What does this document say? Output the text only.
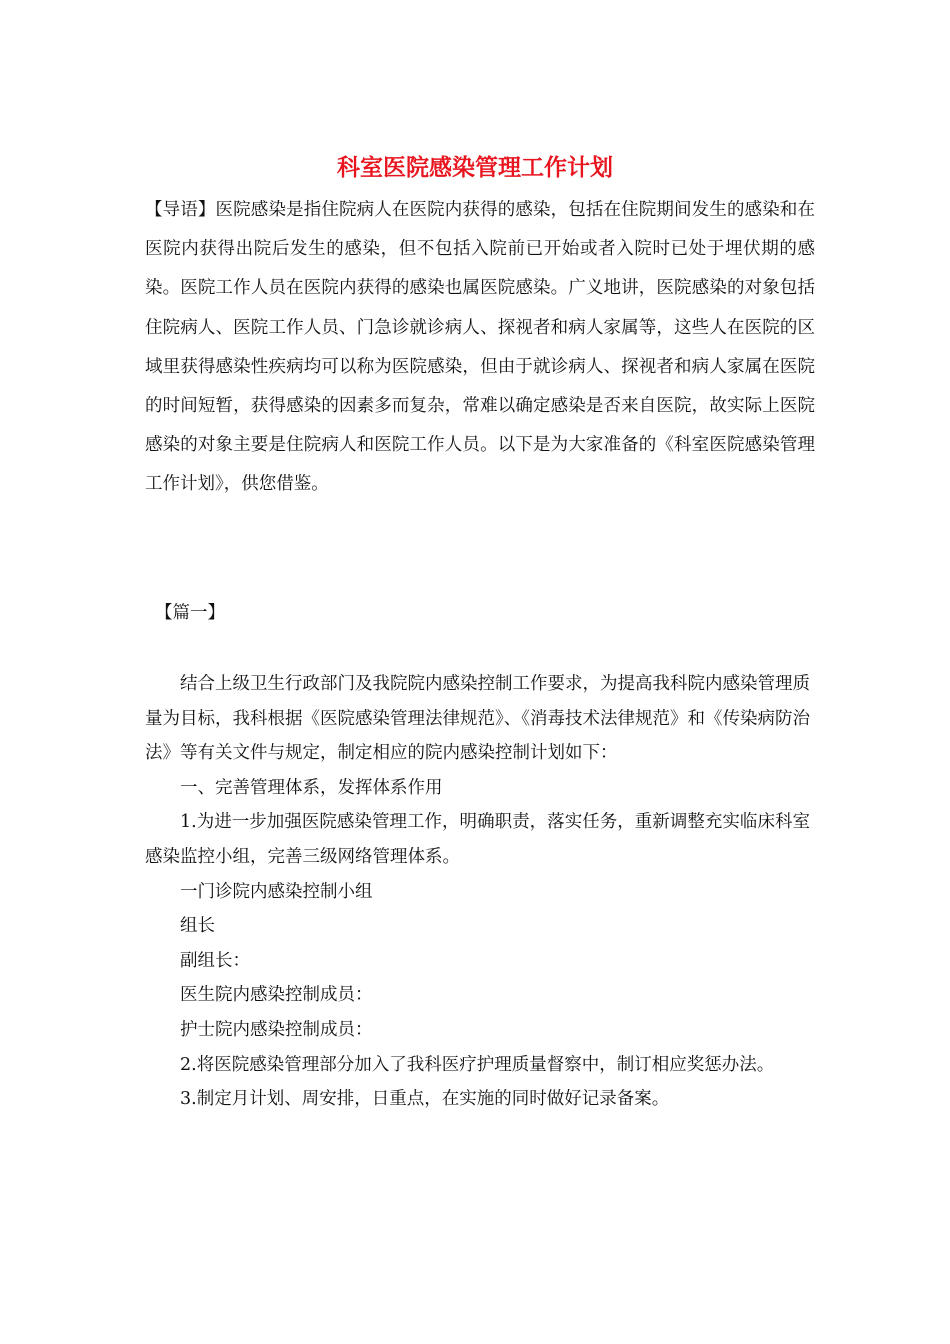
科室医院感染管理工作计划

【导语】医院感染是指住院病人在医院内获得的感染，包括在住院期间发生的感染和在医院内获得出院后发生的感染，但不包括入院前已开始或者入院时已处于埋伏期的感染。医院工作人员在医院内获得的感染也属医院感染。广义地讲，医院感染的对象包括住院病人、医院工作人员、门急诊就诊病人、探视者和病人家属等，这些人在医院的区域里获得感染性疾病均可以称为医院感染，但由于就诊病人、探视者和病人家属在医院的时间短暂，获得感染的因素多而复杂，常难以确定感染是否来自医院，故实际上医院感染的对象主要是住院病人和医院工作人员。以下是为大家准备的《科室医院感染管理工作计划》，供您借鉴。

【篇一】

结合上级卫生行政部门及我院院内感染控制工作要求，为提高我科院内感染管理质量为目标，我科根据《医院感染管理法律规范》、《消毒技术法律规范》和《传染病防治法》等有关文件与规定，制定相应的院内感染控制计划如下：

一、完善管理体系，发挥体系作用

1.为进一步加强医院感染管理工作，明确职责，落实任务，重新调整充实临床科室感染监控小组，完善三级网络管理体系。

一门诊院内感染控制小组

组长

副组长：

医生院内感染控制成员：

护士院内感染控制成员：

2.将医院感染管理部分加入了我科医疗护理质量督察中，制订相应奖惩办法。

3.制定月计划、周安排，日重点，在实施的同时做好记录备案。
